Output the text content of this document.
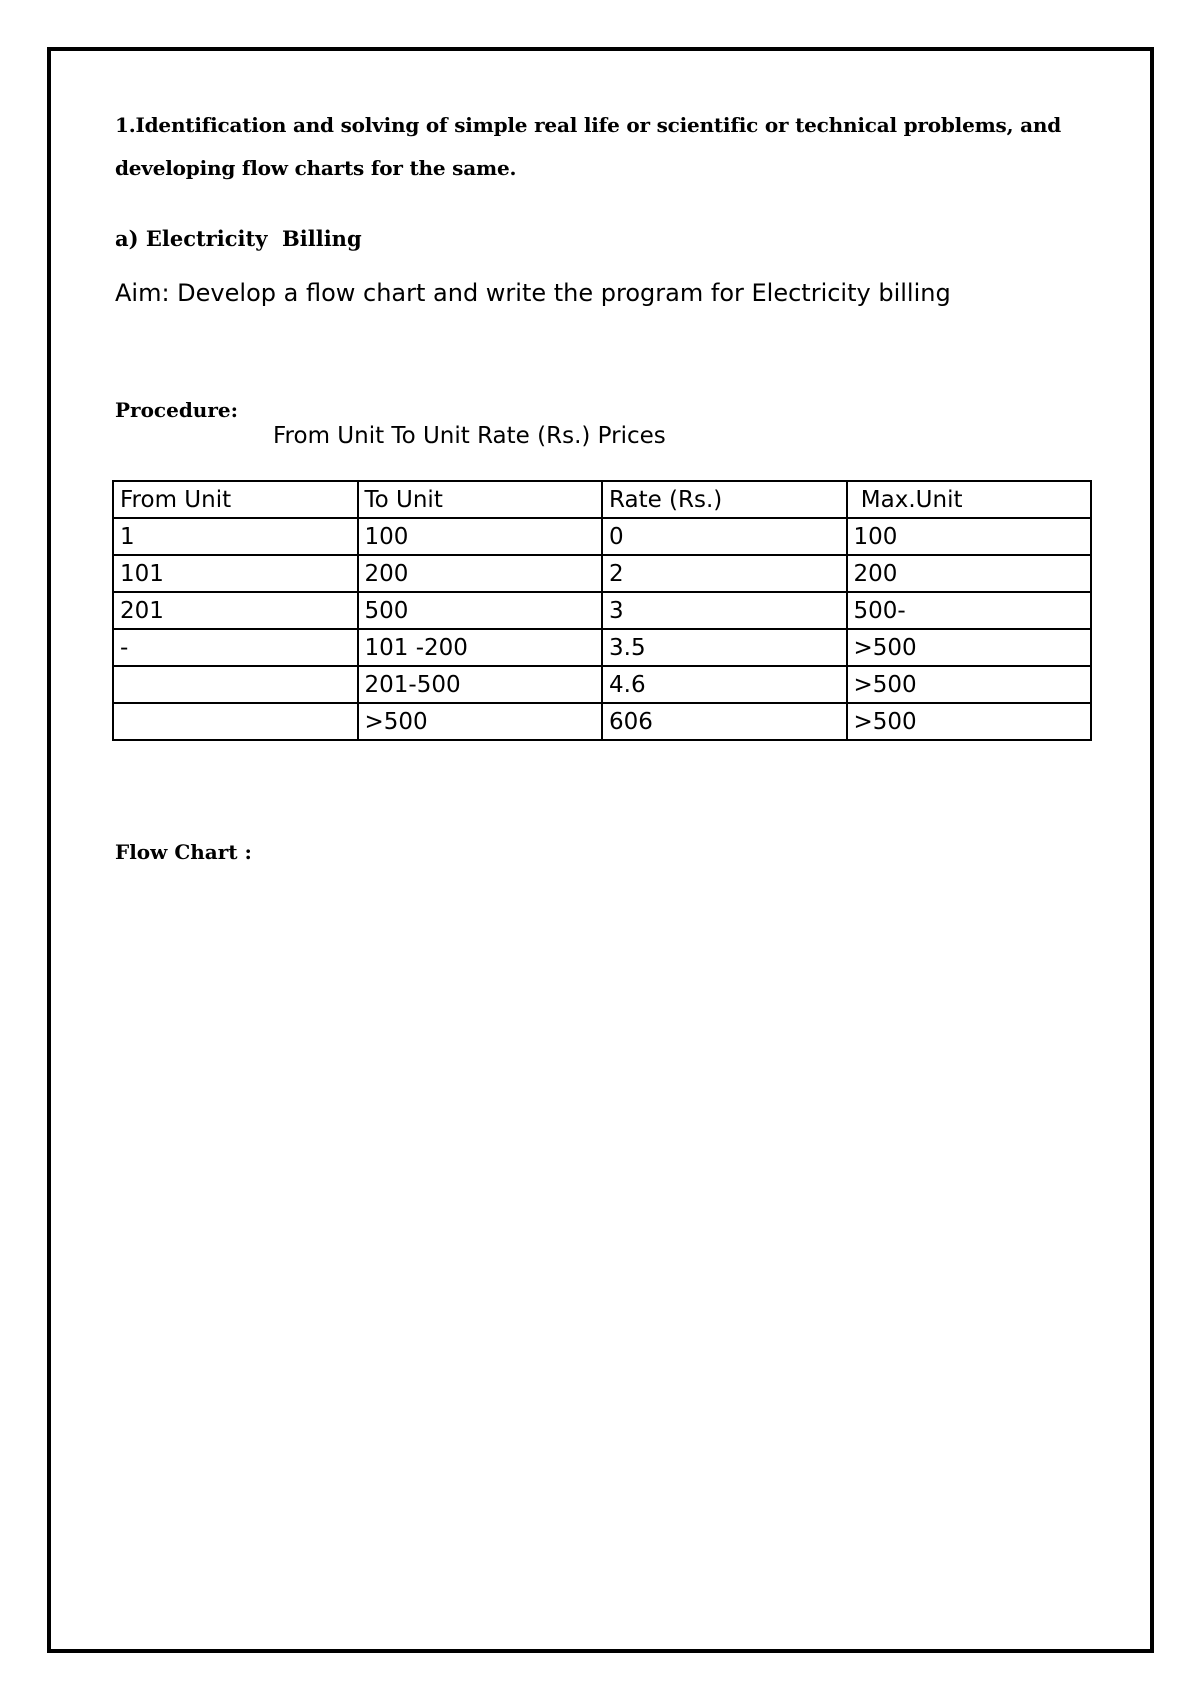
1.Identification and solving of simple real life or scientific or technical problems, and
developing flow charts for the same.
a) Electricity  Billing
Aim: Develop a flow chart and write the program for Electricity billing
Procedure:
From Unit To Unit Rate (Rs.) Prices
From Unit	To Unit	Rate (Rs.)	Max.Unit
1	100	0	100
101	200	2	200
201	500	3	500-
-	101 -200	3.5	>500
	201-500	4.6	>500
	>500	606	>500
Flow Chart :
